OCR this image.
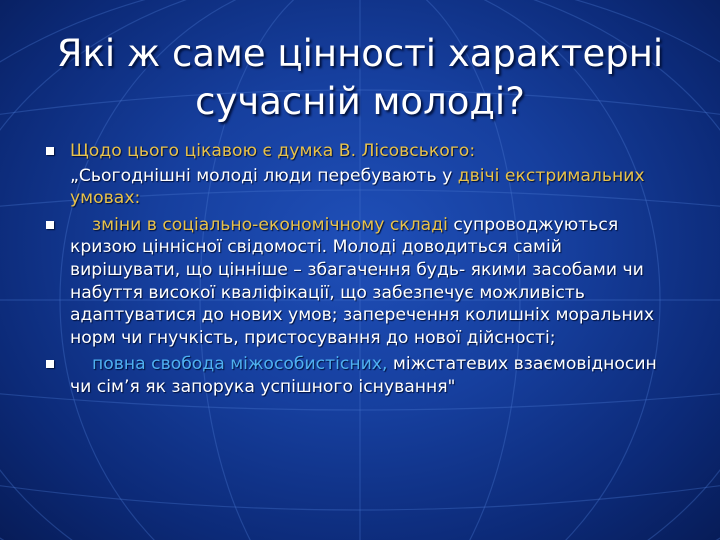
Які ж саме цінності характерні
сучасній молоді?
Щодо цього цікавою є думка В. Лісовського:
„Сьогоднішні молоді люди перебувають у двічі екстримальних умовах:
зміни в соціально-економічному складі супроводжуються кризою ціннісної свідомості. Молоді доводиться самій вирішувати, що цінніше – збагачення будь- якими засобами чи набуття високої кваліфікації, що забезпечує можливість адаптуватися до нових умов; заперечення колишніх моральних норм чи гнучкість, пристосування до нової дійсності;
повна свобода міжособистісних, міжстатевих взаємовідносин чи сім’я як запорука успішного існування"
